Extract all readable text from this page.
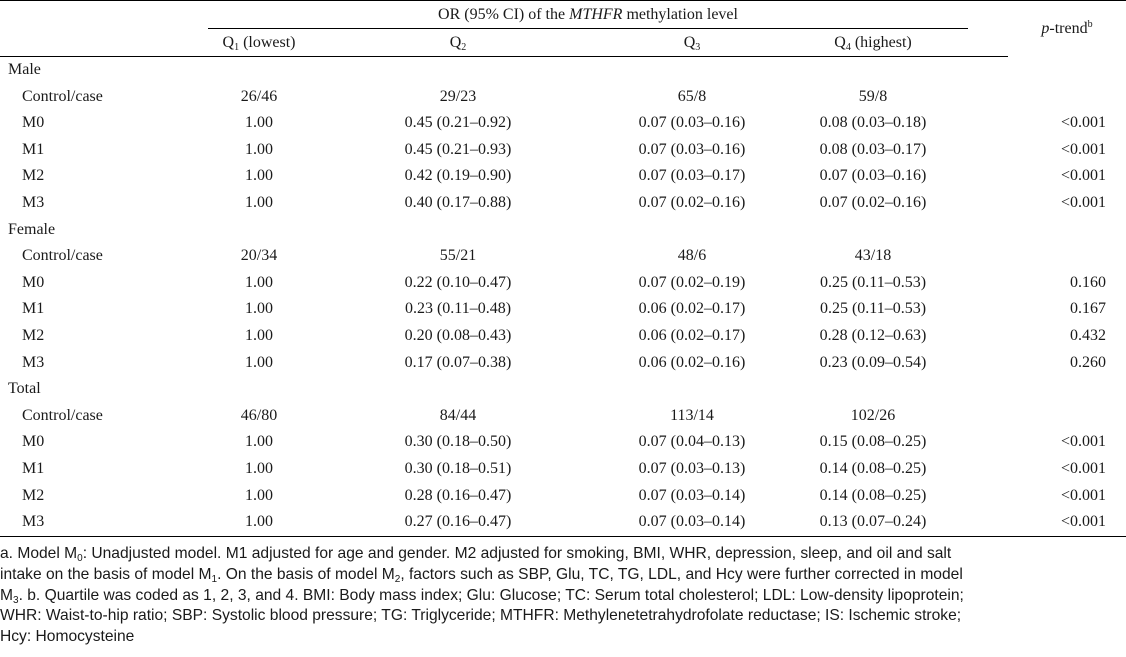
	OR (95% CI) of the MTHFR methylation level					p-trend$^b$
	$Q_1$ (lowest)	$Q_2$	$Q_3$	$Q_4$ (highest)		
Male						
Control/case	26/46	29/23	65/8	59/8		
M0	1.00	0.45 (0.21–0.92)	0.07 (0.03–0.16)	0.08 (0.03–0.18)		<0.001
M1	1.00	0.45 (0.21–0.93)	0.07 (0.03–0.16)	0.08 (0.03–0.17)		<0.001
M2	1.00	0.42 (0.19–0.90)	0.07 (0.03–0.17)	0.07 (0.03–0.16)		<0.001
M3	1.00	0.40 (0.17–0.88)	0.07 (0.02–0.16)	0.07 (0.02–0.16)		<0.001
Female						
Control/case	20/34	55/21	48/6	43/18		
M0	1.00	0.22 (0.10–0.47)	0.07 (0.02–0.19)	0.25 (0.11–0.53)		0.160
M1	1.00	0.23 (0.11–0.48)	0.06 (0.02–0.17)	0.25 (0.11–0.53)		0.167
M2	1.00	0.20 (0.08–0.43)	0.06 (0.02–0.17)	0.28 (0.12–0.63)		0.432
M3	1.00	0.17 (0.07–0.38)	0.06 (0.02–0.16)	0.23 (0.09–0.54)		0.260
Total						
Control/case	46/80	84/44	113/14	102/26		
M0	1.00	0.30 (0.18–0.50)	0.07 (0.04–0.13)	0.15 (0.08–0.25)		<0.001
M1	1.00	0.30 (0.18–0.51)	0.07 (0.03–0.13)	0.14 (0.08–0.25)		<0.001
M2	1.00	0.28 (0.16–0.47)	0.07 (0.03–0.14)	0.14 (0.08–0.25)		<0.001
M3	1.00	0.27 (0.16–0.47)	0.07 (0.03–0.14)	0.13 (0.07–0.24)		<0.001
a. Model $M_0$: Unadjusted model. M1 adjusted for age and gender. M2 adjusted for smoking, BMI, WHR, depression, sleep, and oil and salt
intake on the basis of model $M_1$. On the basis of model $M_2$, factors such as SBP, Glu, TC, TG, LDL, and Hcy were further corrected in model
$M_3$. b. Quartile was coded as 1, 2, 3, and 4. BMI: Body mass index; Glu: Glucose; TC: Serum total cholesterol; LDL: Low-density lipoprotein;
WHR: Waist-to-hip ratio; SBP: Systolic blood pressure; TG: Triglyceride; MTHFR: Methylenetetrahydrofolate reductase; IS: Ischemic stroke;
Hcy: Homocysteine
